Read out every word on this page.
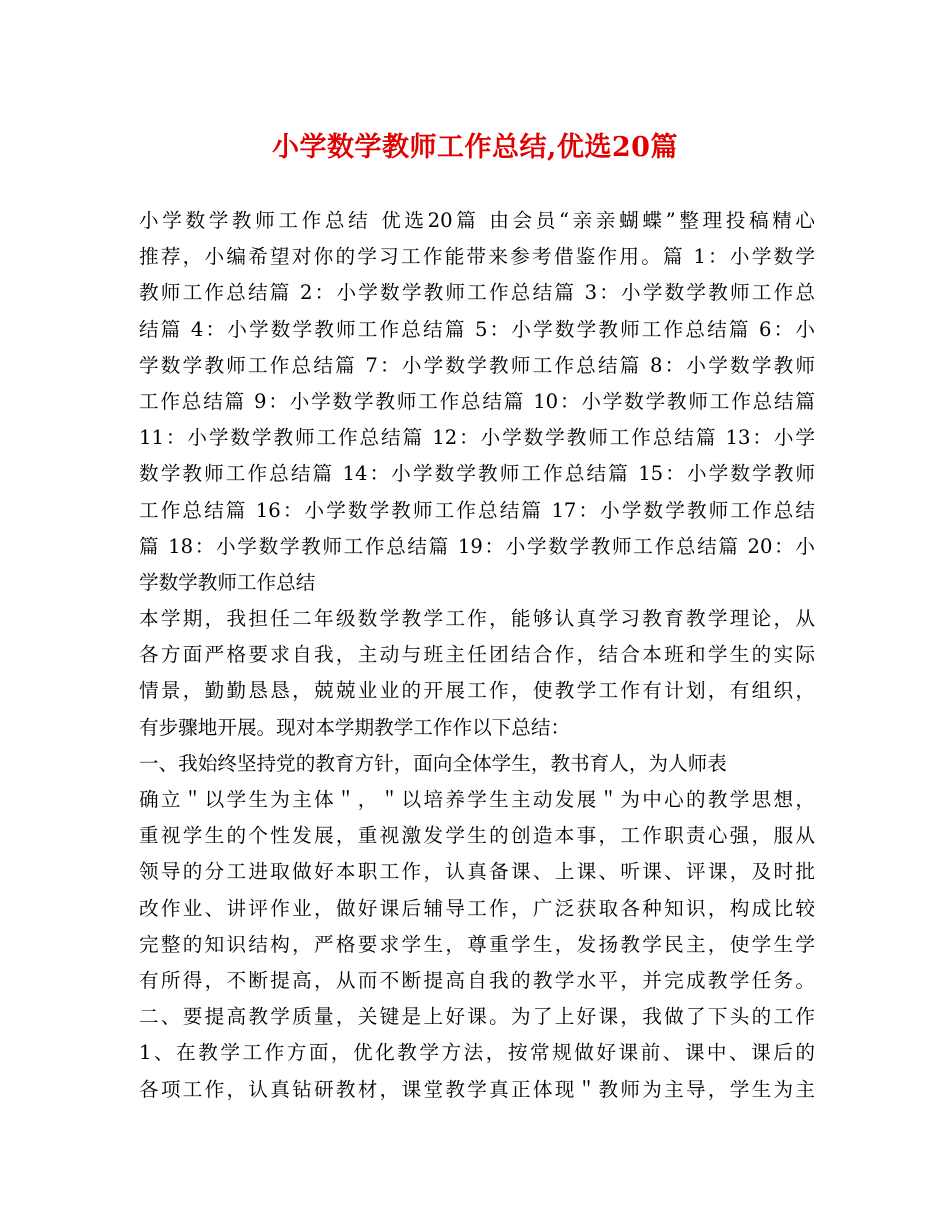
小学数学教师工作总结,优选20篇
小学数学教师工作总结 优选20篇 由会员“亲亲蝴蝶”整理投稿精心
推荐，小编希望对你的学习工作能带来参考借鉴作用。篇 1：小学数学
教师工作总结篇 2：小学数学教师工作总结篇 3：小学数学教师工作总
结篇 4：小学数学教师工作总结篇 5：小学数学教师工作总结篇 6：小
学数学教师工作总结篇 7：小学数学教师工作总结篇 8：小学数学教师
工作总结篇 9：小学数学教师工作总结篇 10：小学数学教师工作总结篇
11：小学数学教师工作总结篇 12：小学数学教师工作总结篇 13：小学
数学教师工作总结篇 14：小学数学教师工作总结篇 15：小学数学教师
工作总结篇 16：小学数学教师工作总结篇 17：小学数学教师工作总结
篇 18：小学数学教师工作总结篇 19：小学数学教师工作总结篇 20：小
学数学教师工作总结
本学期，我担任二年级数学教学工作，能够认真学习教育教学理论，从
各方面严格要求自我，主动与班主任团结合作，结合本班和学生的实际
情景，勤勤恳恳，兢兢业业的开展工作，使教学工作有计划，有组织，
有步骤地开展。现对本学期教学工作作以下总结：
一、我始终坚持党的教育方针，面向全体学生，教书育人，为人师表
确立＂以学生为主体＂，＂以培养学生主动发展＂为中心的教学思想，
重视学生的个性发展，重视激发学生的创造本事，工作职责心强，服从
领导的分工进取做好本职工作，认真备课、上课、听课、评课，及时批
改作业、讲评作业，做好课后辅导工作，广泛获取各种知识，构成比较
完整的知识结构，严格要求学生，尊重学生，发扬教学民主，使学生学
有所得，不断提高，从而不断提高自我的教学水平，并完成教学任务。
二、要提高教学质量，关键是上好课。为了上好课，我做了下头的工作
1、在教学工作方面，优化教学方法，按常规做好课前、课中、课后的
各项工作，认真钻研教材，课堂教学真正体现＂教师为主导，学生为主
